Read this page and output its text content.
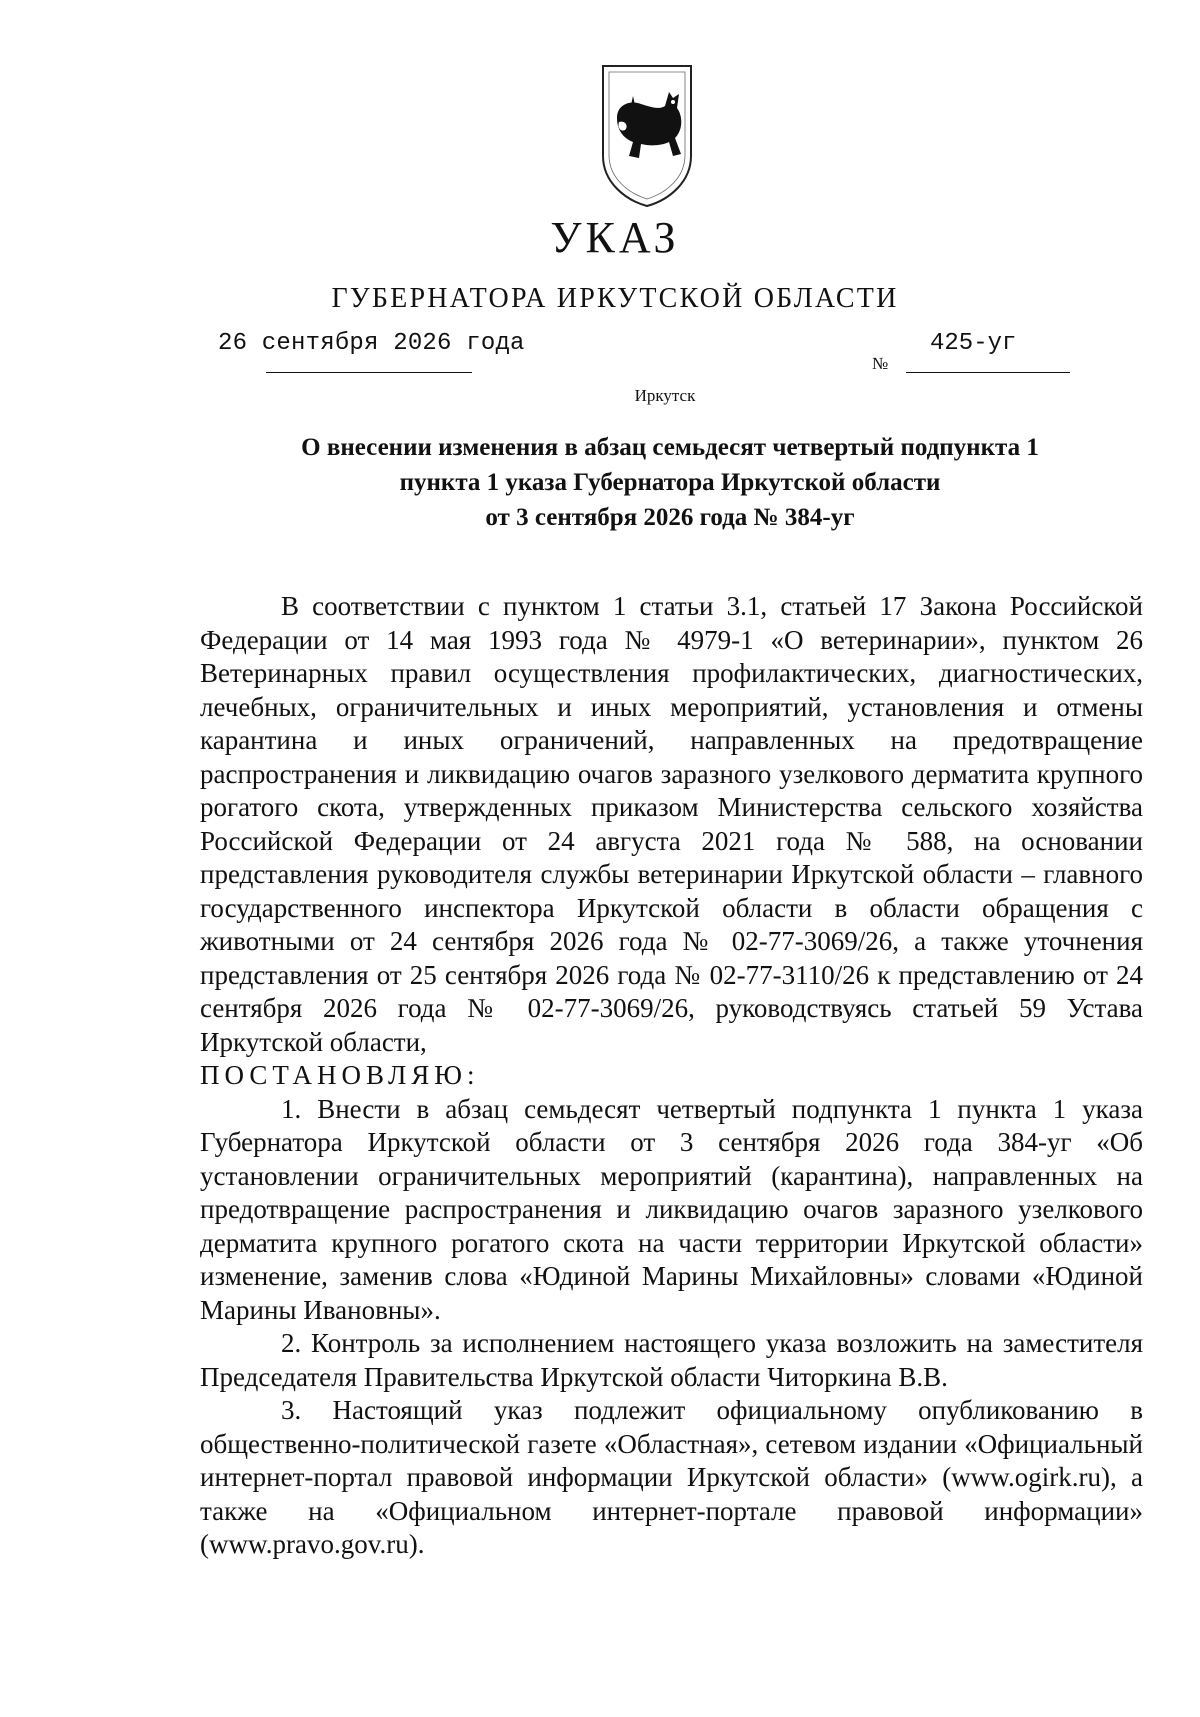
УКАЗ
ГУБЕРНАТОРА ИРКУТСКОЙ ОБЛАСТИ
26 сентября 2026 года
№
425-уг
Иркутск
О внесении изменения в абзац семьдесят четвертый подпункта 1
пункта 1 указа Губернатора Иркутской области
от 3 сентября 2026 года № 384-уг

В соответствии с пунктом 1 статьи 3.1, статьей 17 Закона Российской Федерации от 14 мая 1993 года № 4979-1 «О ветеринарии», пунктом 26 Ветеринарных правил осуществления профилактических, диагностических, лечебных, ограничительных и иных мероприятий, установления и отмены карантина и иных ограничений, направленных на предотвращение распространения и ликвидацию очагов заразного узелкового дерматита крупного рогатого скота, утвержденных приказом Министерства сельского хозяйства Российской Федерации от 24 августа 2021 года № 588, на основании представления руководителя службы ветеринарии Иркутской области – главного государственного инспектора Иркутской области в области обращения с животными от 24 сентября 2026 года № 02-77-3069/26, а также уточнения представления от 25 сентября 2026 года № 02-77-3110/26 к представлению от 24 сентября 2026 года № 02-77-3069/26, руководствуясь статьей 59 Устава Иркутской области,

ПОСТАНОВЛЯЮ:

1. Внести в абзац семьдесят четвертый подпункта 1 пункта 1 указа Губернатора Иркутской области от 3 сентября 2026 года 384-уг «Об установлении ограничительных мероприятий (карантина), направленных на предотвращение распространения и ликвидацию очагов заразного узелкового дерматита крупного рогатого скота на части территории Иркутской области» изменение, заменив слова «Юдиной Марины Михайловны» словами «Юдиной Марины Ивановны».

2. Контроль за исполнением настоящего указа возложить на заместителя Председателя Правительства Иркутской области Читоркина В.В.

3. Настоящий указ подлежит официальному опубликованию в общественно-политической газете «Областная», сетевом издании «Официальный интернет-портал правовой информации Иркутской области» (www.ogirk.ru), а также на «Официальном интернет-портале правовой информации» (www.pravo.gov.ru).
